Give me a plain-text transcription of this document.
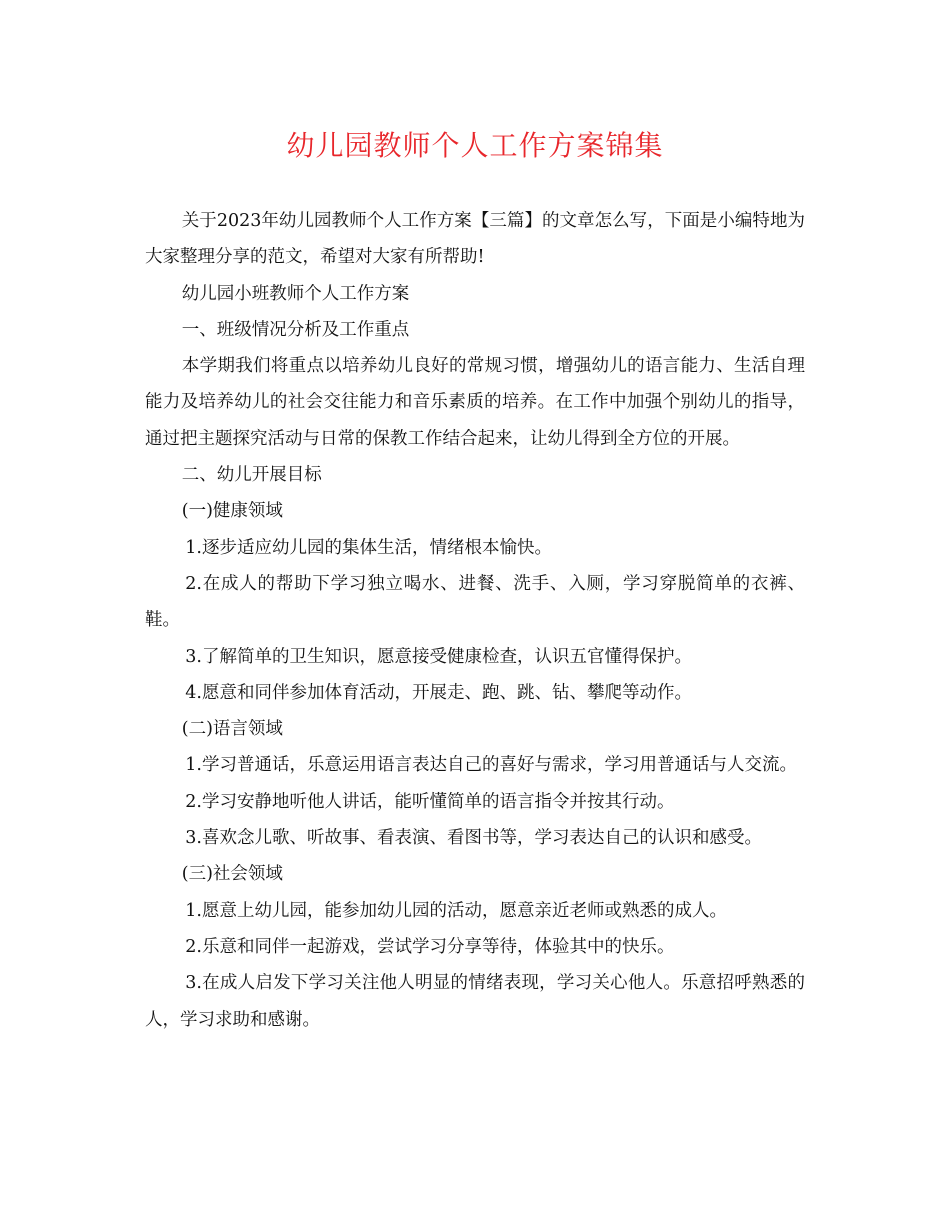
幼儿园教师个人工作方案锦集

关于2023年幼儿园教师个人工作方案【三篇】的文章怎么写，下面是小编特地为大家整理分享的范文，希望对大家有所帮助!

幼儿园小班教师个人工作方案

一、班级情况分析及工作重点

本学期我们将重点以培养幼儿良好的常规习惯，增强幼儿的语言能力、生活自理能力及培养幼儿的社会交往能力和音乐素质的培养。在工作中加强个别幼儿的指导，通过把主题探究活动与日常的保教工作结合起来，让幼儿得到全方位的开展。

二、幼儿开展目标

(一)健康领域

1.逐步适应幼儿园的集体生活，情绪根本愉快。

2.在成人的帮助下学习独立喝水、进餐、洗手、入厕，学习穿脱简单的衣裤、鞋。

3.了解简单的卫生知识，愿意接受健康检查，认识五官懂得保护。

4.愿意和同伴参加体育活动，开展走、跑、跳、钻、攀爬等动作。

(二)语言领域

1.学习普通话，乐意运用语言表达自己的喜好与需求，学习用普通话与人交流。

2.学习安静地听他人讲话，能听懂简单的语言指令并按其行动。

3.喜欢念儿歌、听故事、看表演、看图书等，学习表达自己的认识和感受。

(三)社会领域

1.愿意上幼儿园，能参加幼儿园的活动，愿意亲近老师或熟悉的成人。

2.乐意和同伴一起游戏，尝试学习分享等待，体验其中的快乐。

3.在成人启发下学习关注他人明显的情绪表现，学习关心他人。乐意招呼熟悉的人，学习求助和感谢。
